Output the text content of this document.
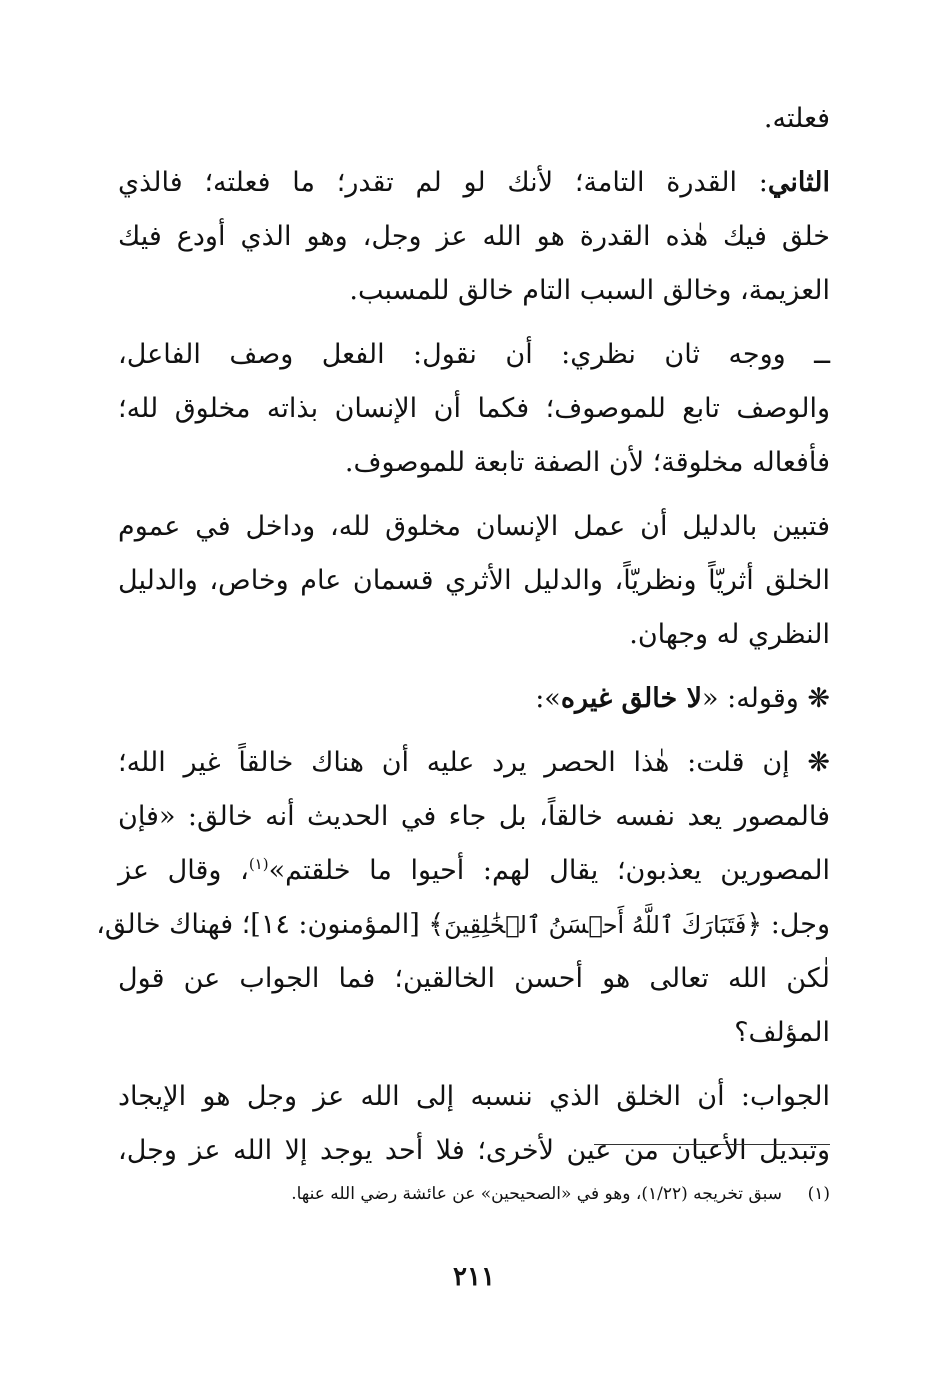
فعلته.
الثاني: القدرة التامة؛ لأنك لو لم تقدر؛ ما فعلته؛ فالذي
خلق فيك هٰذه القدرة هو الله عز وجل، وهو الذي أودع فيك
العزيمة، وخالق السبب التام خالق للمسبب.
ــ ووجه ثان نظري: أن نقول: الفعل وصف الفاعل،
والوصف تابع للموصوف؛ فكما أن الإنسان بذاته مخلوق لله؛
فأفعاله مخلوقة؛ لأن الصفة تابعة للموصوف.
فتبين بالدليل أن عمل الإنسان مخلوق لله، وداخل في عموم
الخلق أثريّاً ونظريّاً، والدليل الأثري قسمان عام وخاص، والدليل
النظري له وجهان.
❋ وقوله: «لا خالق غيره»:
❋ إن قلت: هٰذا الحصر يرد عليه أن هناك خالقاً غير الله؛
فالمصور يعد نفسه خالقاً، بل جاء في الحديث أنه خالق: «فإن
المصورين يعذبون؛ يقال لهم: أحيوا ما خلقتم»$^{(١)}$، وقال عز
وجل: ﴿فَتَبَارَكَ ٱللَّهُ أَحۡسَنُ ٱلۡخَٰلِقِينَ﴾ [المؤمنون: ١٤]؛ فهناك خالق،
لٰكن الله تعالى هو أحسن الخالقين؛ فما الجواب عن قول
المؤلف؟
الجواب: أن الخلق الذي ننسبه إلى الله عز وجل هو الإيجاد
وتبديل الأعيان من عين لأخرى؛ فلا أحد يوجد إلا الله عز وجل،
(١)سبق تخريجه (١/٢٢)، وهو في «الصحيحين» عن عائشة رضي الله عنها.
٢١١
